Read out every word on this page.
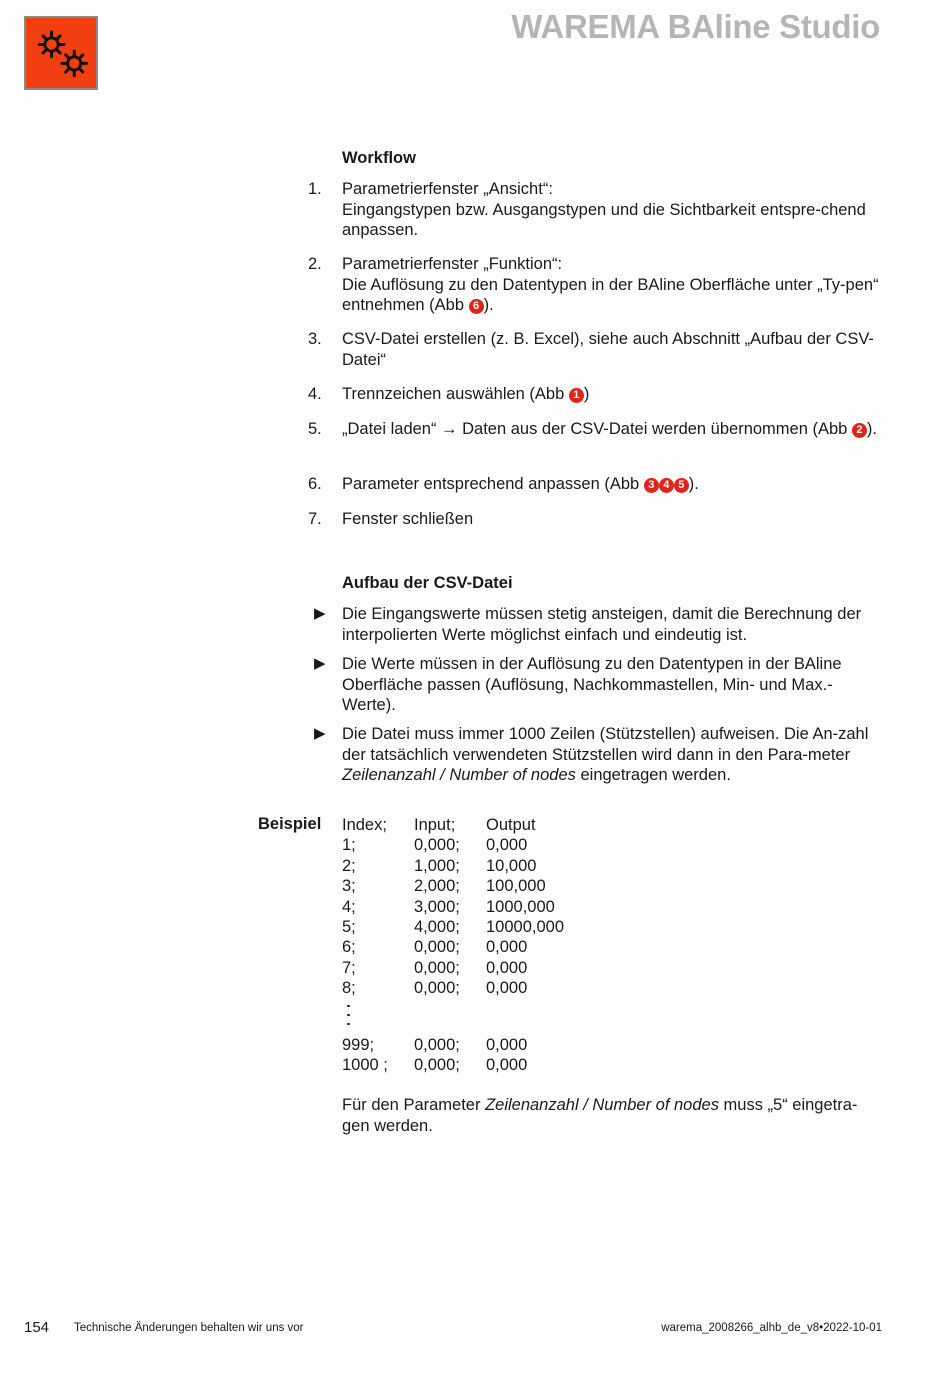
WAREMA BAline Studio
Workflow
1. Parametrierfenster „Ansicht“:
Eingangstypen bzw. Ausgangstypen und die Sichtbarkeit entspre-chend anpassen.
2. Parametrierfenster „Funktion“:
Die Auflösung zu den Datentypen in der BAline Oberfläche unter „Ty-pen“ entnehmen (Abb 6 ).
3. CSV-Datei erstellen (z. B. Excel), siehe auch Abschnitt „Aufbau der CSV-Datei“
4. Trennzeichen auswählen (Abb 1 )
5. „Datei laden“ → Daten aus der CSV-Datei werden übernommen (Abb 2 ).
6. Parameter entsprechend anpassen (Abb 3 4 5 ).
7. Fenster schließen
Aufbau der CSV-Datei
▶ Die Eingangswerte müssen stetig ansteigen, damit die Berechnung der interpolierten Werte möglichst einfach und eindeutig ist.
▶ Die Werte müssen in der Auflösung zu den Datentypen in der BAline Oberfläche passen (Auflösung, Nachkommastellen, Min- und Max.-Werte).
▶ Die Datei muss immer 1000 Zeilen (Stützstellen) aufweisen. Die An-zahl der tatsächlich verwendeten Stützstellen wird dann in den Para-meter Zeilenanzahl / Number of nodes eingetragen werden.
Beispiel Index; Input; Output
1;	0,000; 0,000
2;	1,000; 10,000
3;	2,000; 100,000
4;	3,000; 1000,000
5;	4,000; 10000,000
6;	0,000; 0,000
7;	0,000; 0,000
8;	0,000; 0,000
999; 0,000; 0,000
1000 ; 0,000; 0,000
Für den Parameter Zeilenanzahl / Number of nodes muss „5“ eingetra-gen werden.
154 Technische Änderungen behalten wir uns vor	warema_2008266_alhb_de_v8•2022-10-01
